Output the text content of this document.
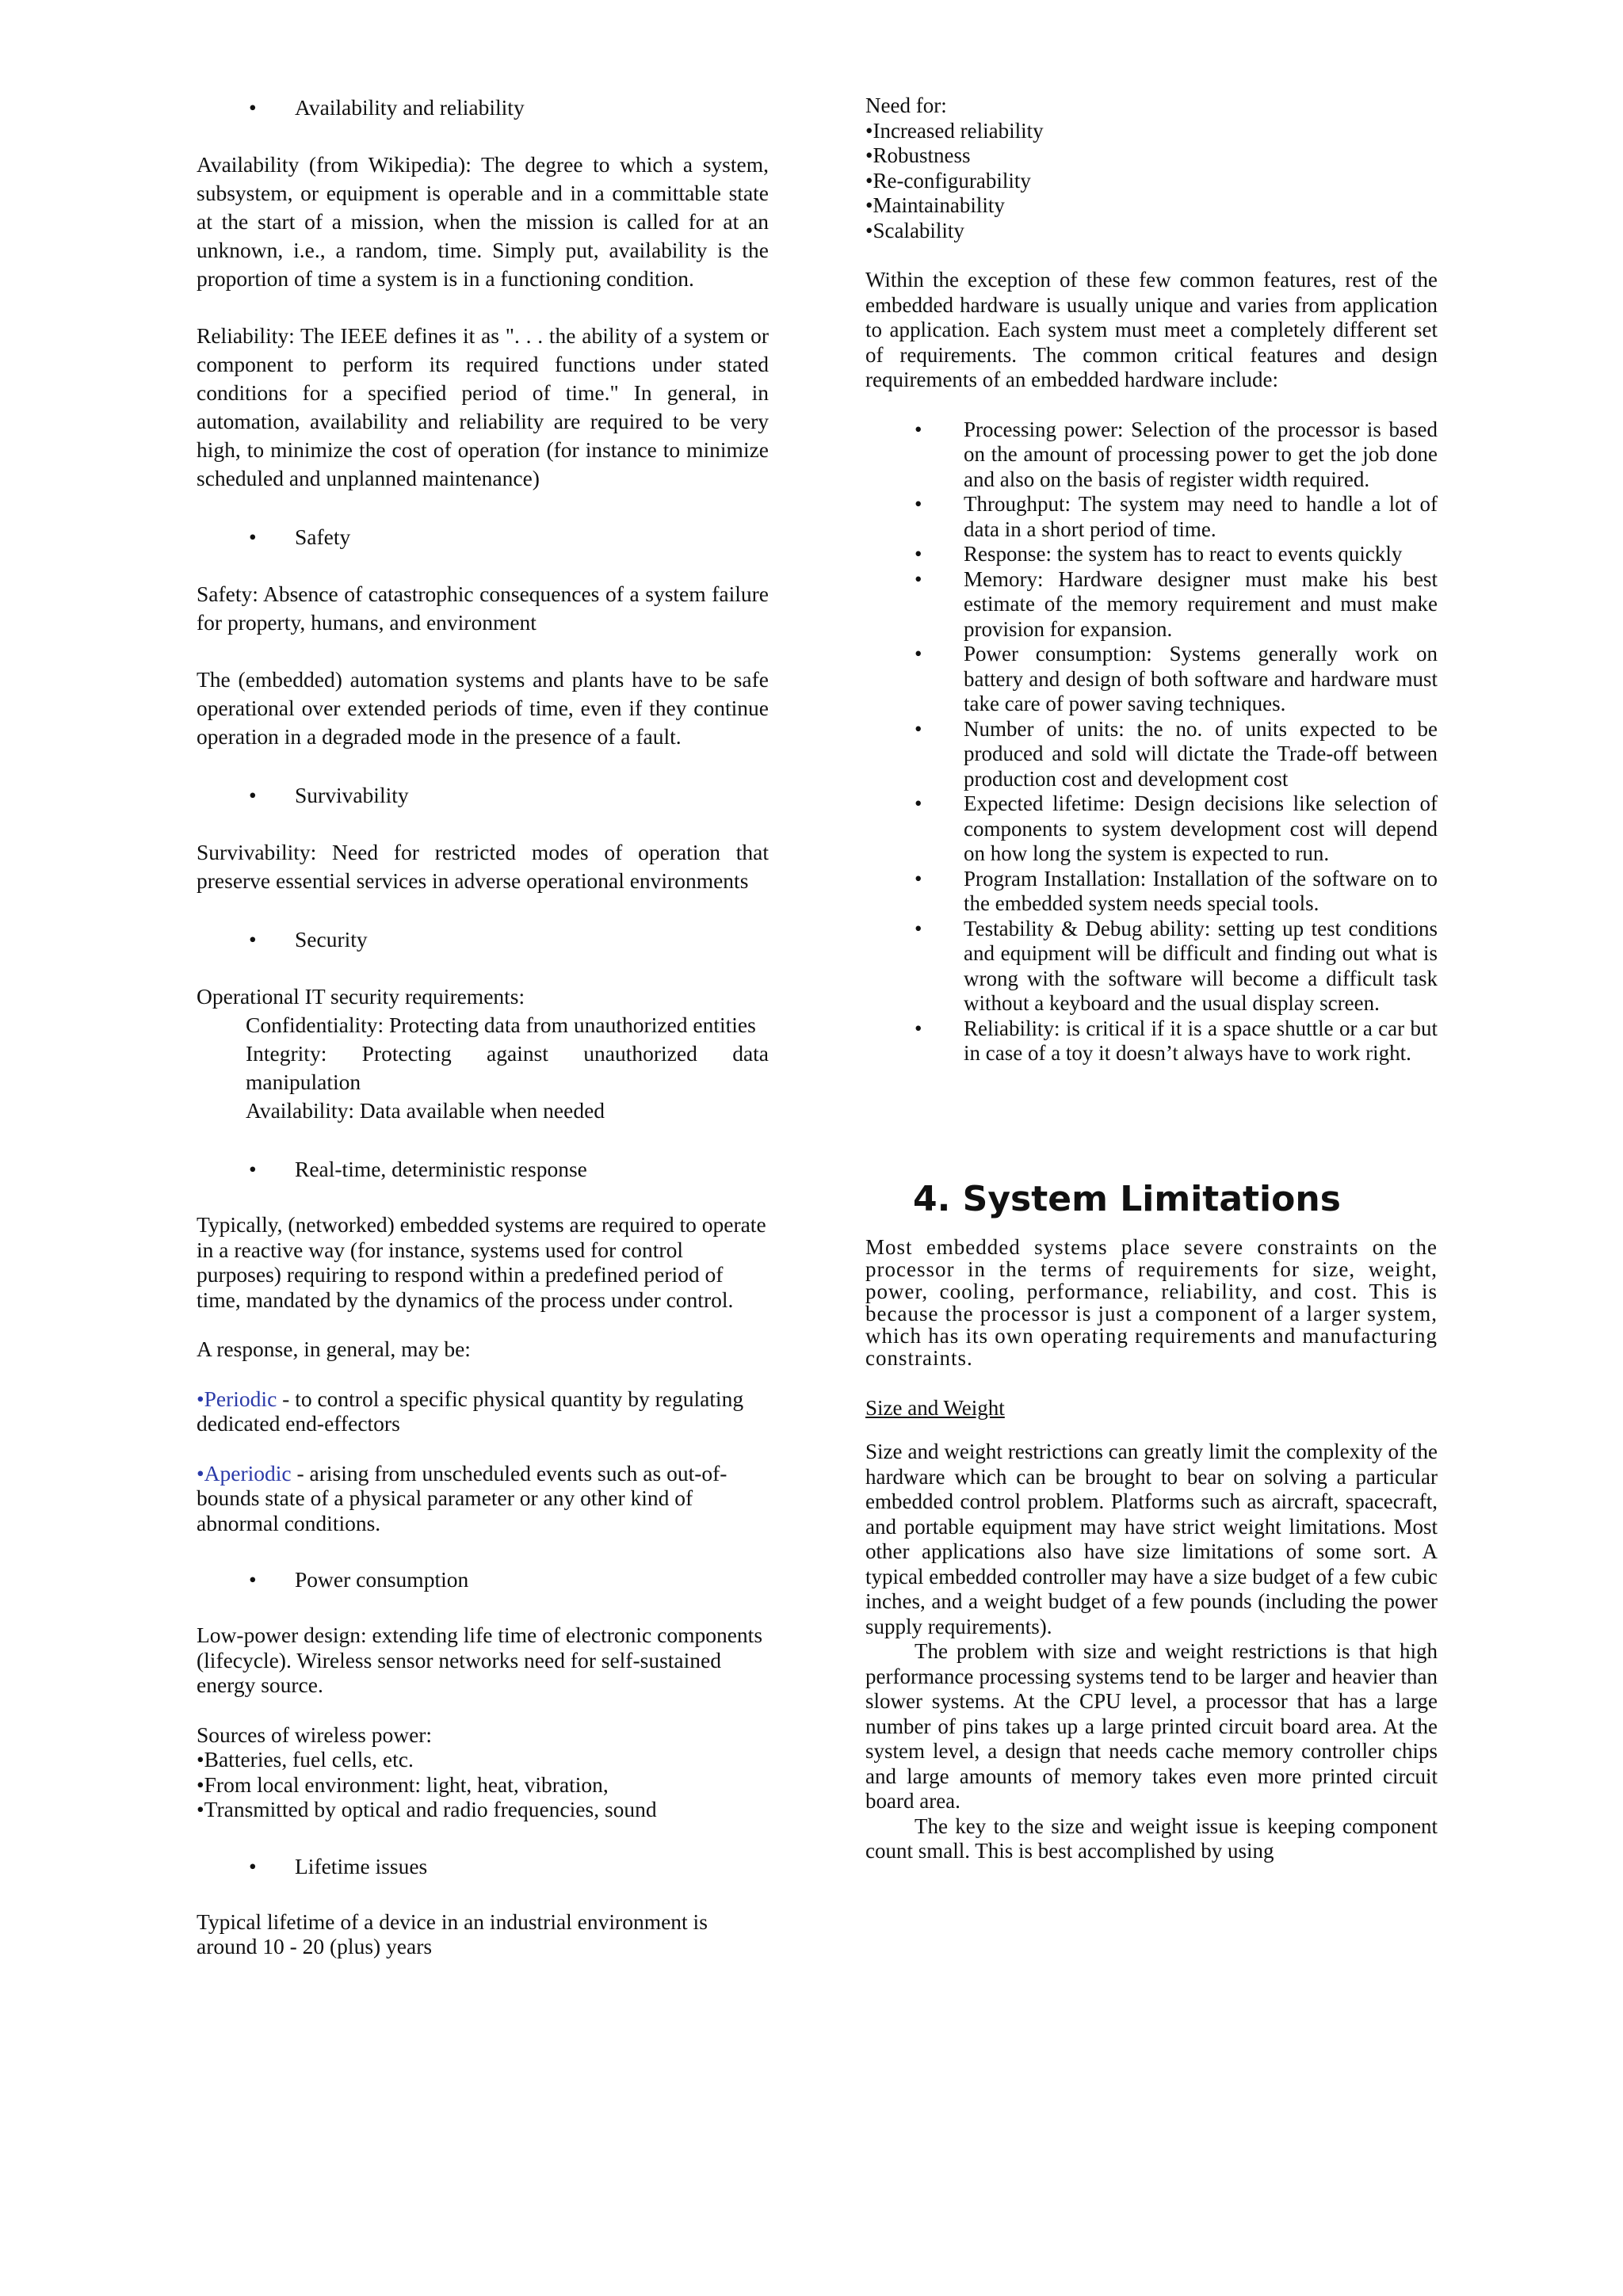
• Availability and reliability

Availability (from Wikipedia): The degree to which a system, subsystem, or equipment is operable and in a committable state at the start of a mission, when the mission is called for at an unknown, i.e., a random, time. Simply put, availability is the proportion of time a system is in a functioning condition.

Reliability: The IEEE defines it as ". . . the ability of a system or component to perform its required functions under stated conditions for a specified period of time." In general, in automation, availability and reliability are required to be very high, to minimize the cost of operation (for instance to minimize scheduled and unplanned maintenance)

• Safety

Safety: Absence of catastrophic consequences of a system failure for property, humans, and environment

The (embedded) automation systems and plants have to be safe operational over extended periods of time, even if they continue operation in a degraded mode in the presence of a fault.

• Survivability

Survivability: Need for restricted modes of operation that preserve essential services in adverse operational environments

• Security

Operational IT security requirements:

Confidentiality: Protecting data from unauthorized entities

Integrity: Protecting against unauthorized data manipulation

Availability: Data available when needed

• Real-time, deterministic response

Typically, (networked) embedded systems are required to operate in a reactive way (for instance, systems used for control purposes) requiring to respond within a predefined period of time, mandated by the dynamics of the process under control.

A response, in general, may be:

•Periodic - to control a specific physical quantity by regulating dedicated end-effectors

•Aperiodic - arising from unscheduled events such as out-of-bounds state of a physical parameter or any other kind of abnormal conditions.

• Power consumption

Low-power design: extending life time of electronic components (lifecycle). Wireless sensor networks need for self-sustained energy source.

Sources of wireless power:

•Batteries, fuel cells, etc.

•From local environment: light, heat, vibration,

•Transmitted by optical and radio frequencies, sound

• Lifetime issues

Typical lifetime of a device in an industrial environment is around 10 - 20 (plus) years

Need for:

•Increased reliability

•Robustness

•Re-configurability

•Maintainability

•Scalability

Within the exception of these few common features, rest of the embedded hardware is usually unique and varies from application to application. Each system must meet a completely different set of requirements. The common critical features and design requirements of an embedded hardware include:

• Processing power: Selection of the processor is based on the amount of processing power to get the job done and also on the basis of register width required.

• Throughput: The system may need to handle a lot of data in a short period of time.

• Response: the system has to react to events quickly

• Memory: Hardware designer must make his best estimate of the memory requirement and must make provision for expansion.

• Power consumption: Systems generally work on battery and design of both software and hardware must take care of power saving techniques.

• Number of units: the no. of units expected to be produced and sold will dictate the Trade-off between production cost and development cost

• Expected lifetime: Design decisions like selection of components to system development cost will depend on how long the system is expected to run.

• Program Installation: Installation of the software on to the embedded system needs special tools.

• Testability & Debug ability: setting up test conditions and equipment will be difficult and finding out what is wrong with the software will become a difficult task without a keyboard and the usual display screen.

• Reliability: is critical if it is a space shuttle or a car but in case of a toy it doesn’t always have to work right.

4. System Limitations

Most embedded systems place severe constraints on the processor in the terms of requirements for size, weight, power, cooling, performance, reliability, and cost. This is because the processor is just a component of a larger system, which has its own operating requirements and manufacturing constraints.

Size and Weight

Size and weight restrictions can greatly limit the complexity of the hardware which can be brought to bear on solving a particular embedded control problem. Platforms such as aircraft, spacecraft, and portable equipment may have strict weight limitations. Most other applications also have size limitations of some sort. A typical embedded controller may have a size budget of a few cubic inches, and a weight budget of a few pounds (including the power supply requirements).

The problem with size and weight restrictions is that high performance processing systems tend to be larger and heavier than slower systems. At the CPU level, a processor that has a large number of pins takes up a large printed circuit board area. At the system level, a design that needs cache memory controller chips and large amounts of memory takes even more printed circuit board area.

The key to the size and weight issue is keeping component count small. This is best accomplished by using
